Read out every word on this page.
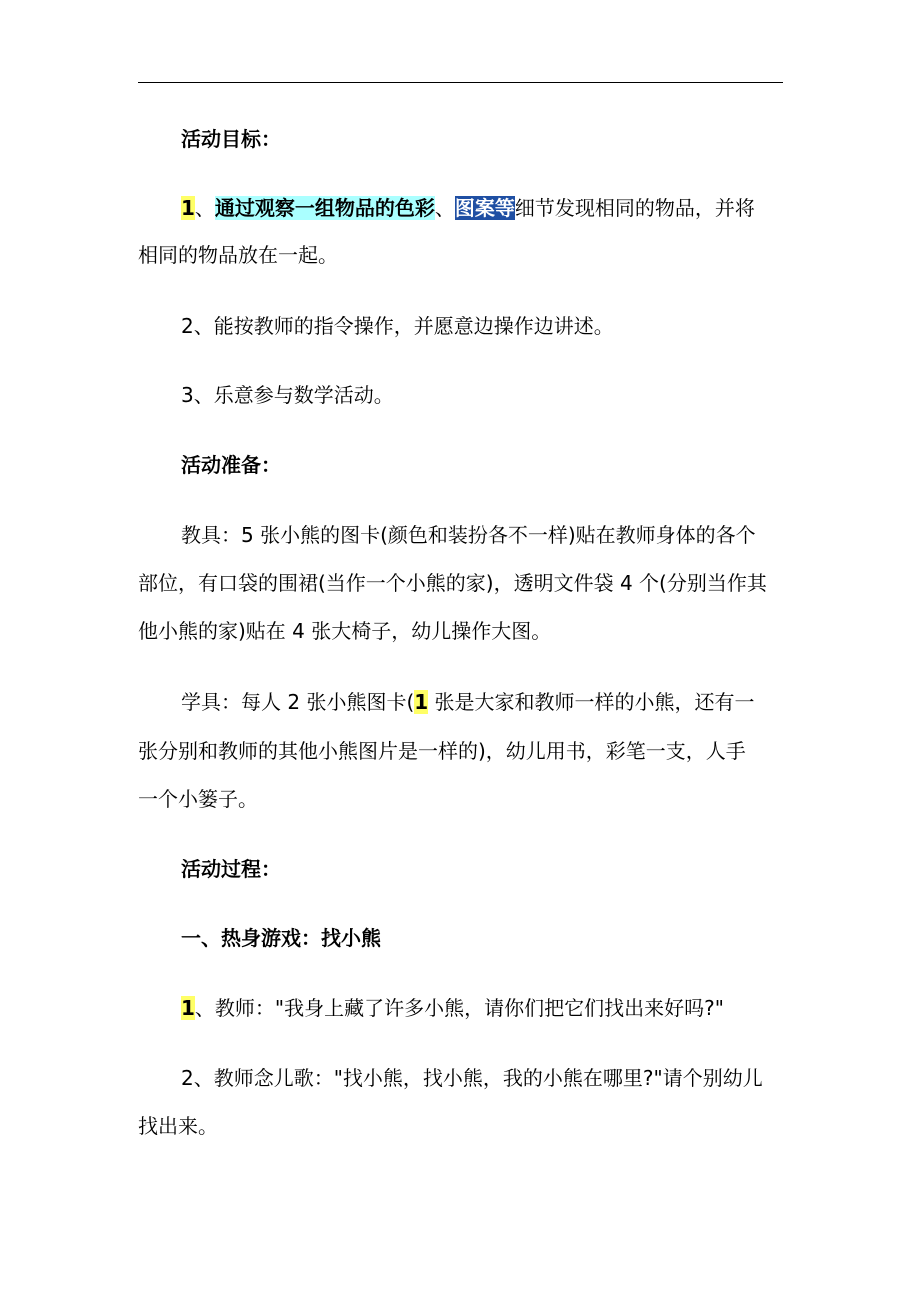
活动目标：
1、通过观察一组物品的色彩、图案等细节发现相同的物品，并将
相同的物品放在一起。
2、能按教师的指令操作，并愿意边操作边讲述。
3、乐意参与数学活动。
活动准备：
教具：5 张小熊的图卡(颜色和装扮各不一样)贴在教师身体的各个
部位，有口袋的围裙(当作一个小熊的家)，透明文件袋 4 个(分别当作其
他小熊的家)贴在 4 张大椅子，幼儿操作大图。
学具：每人 2 张小熊图卡(1 张是大家和教师一样的小熊，还有一
张分别和教师的其他小熊图片是一样的)，幼儿用书，彩笔一支，人手
一个小篓子。
活动过程：
一、热身游戏：找小熊
1、教师："我身上藏了许多小熊，请你们把它们找出来好吗?"
2、教师念儿歌："找小熊，找小熊，我的小熊在哪里?"请个别幼儿
找出来。
